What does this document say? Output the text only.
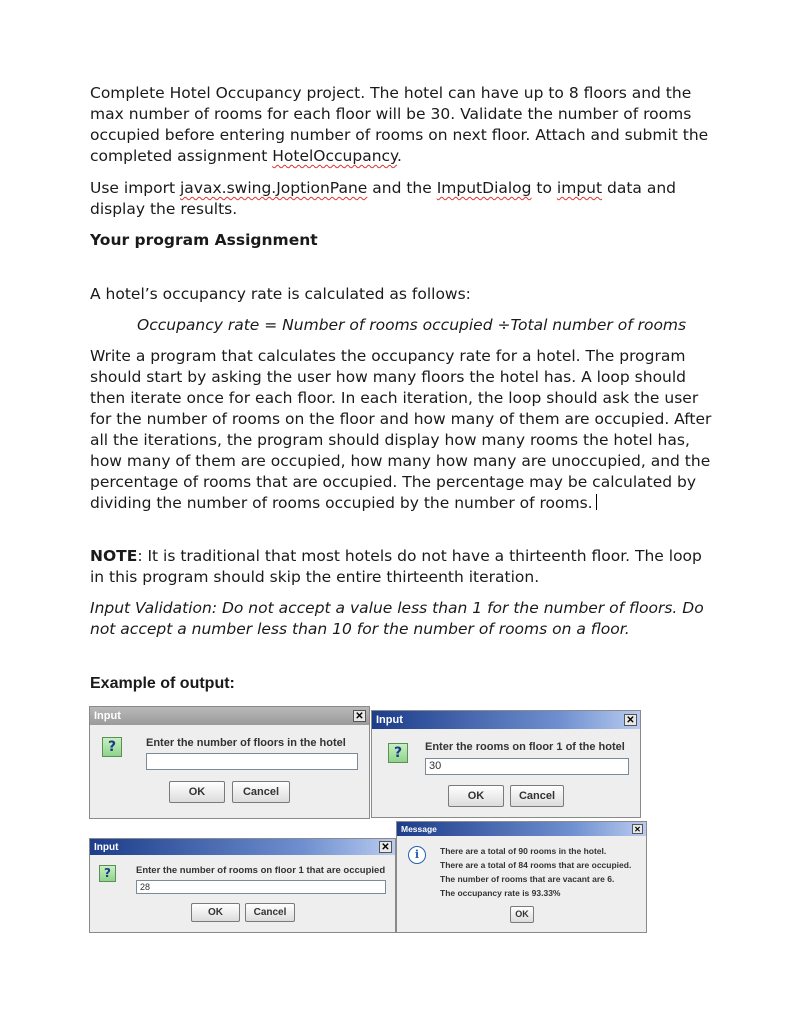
Complete Hotel Occupancy project. The hotel can have up to 8 floors and the max number of rooms for each floor will be 30. Validate the number of rooms occupied before entering number of rooms on next floor. Attach and submit the completed assignment HotelOccupancy.

Use import javax.swing.JoptionPane and the ImputDialog to imput data and display the results.

Your program Assignment

A hotel’s occupancy rate is calculated as follows:

Occupancy rate = Number of rooms occupied ÷Total number of rooms

Write a program that calculates the occupancy rate for a hotel. The program should start by asking the user how many floors the hotel has. A loop should then iterate once for each floor. In each iteration, the loop should ask the user for the number of rooms on the floor and how many of them are occupied. After all the iterations, the program should display how many rooms the hotel has, how many of them are occupied, how many how many are unoccupied, and the percentage of rooms that are occupied. The percentage may be calculated by dividing the number of rooms occupied by the number of rooms.

NOTE: It is traditional that most hotels do not have a thirteenth floor. The loop in this program should skip the entire thirteenth iteration.

Input Validation: Do not accept a value less than 1 for the number of floors. Do not accept a number less than 10 for the number of rooms on a floor.

Example of output:

Input	✕
?	Enter the number of floors in the hotel
OK	Cancel
Input	✕
?	Enter the rooms on floor 1 of the hotel
30
OK	Cancel
Input	✕
?	Enter the number of rooms on floor 1 that are occupied
28
OK	Cancel
Message	✕
i	There are a total of 90 rooms in the hotel.
There are a total of 84 rooms that are occupied.
The number of rooms that are vacant are 6.
The occupancy rate is 93.33%
OK
